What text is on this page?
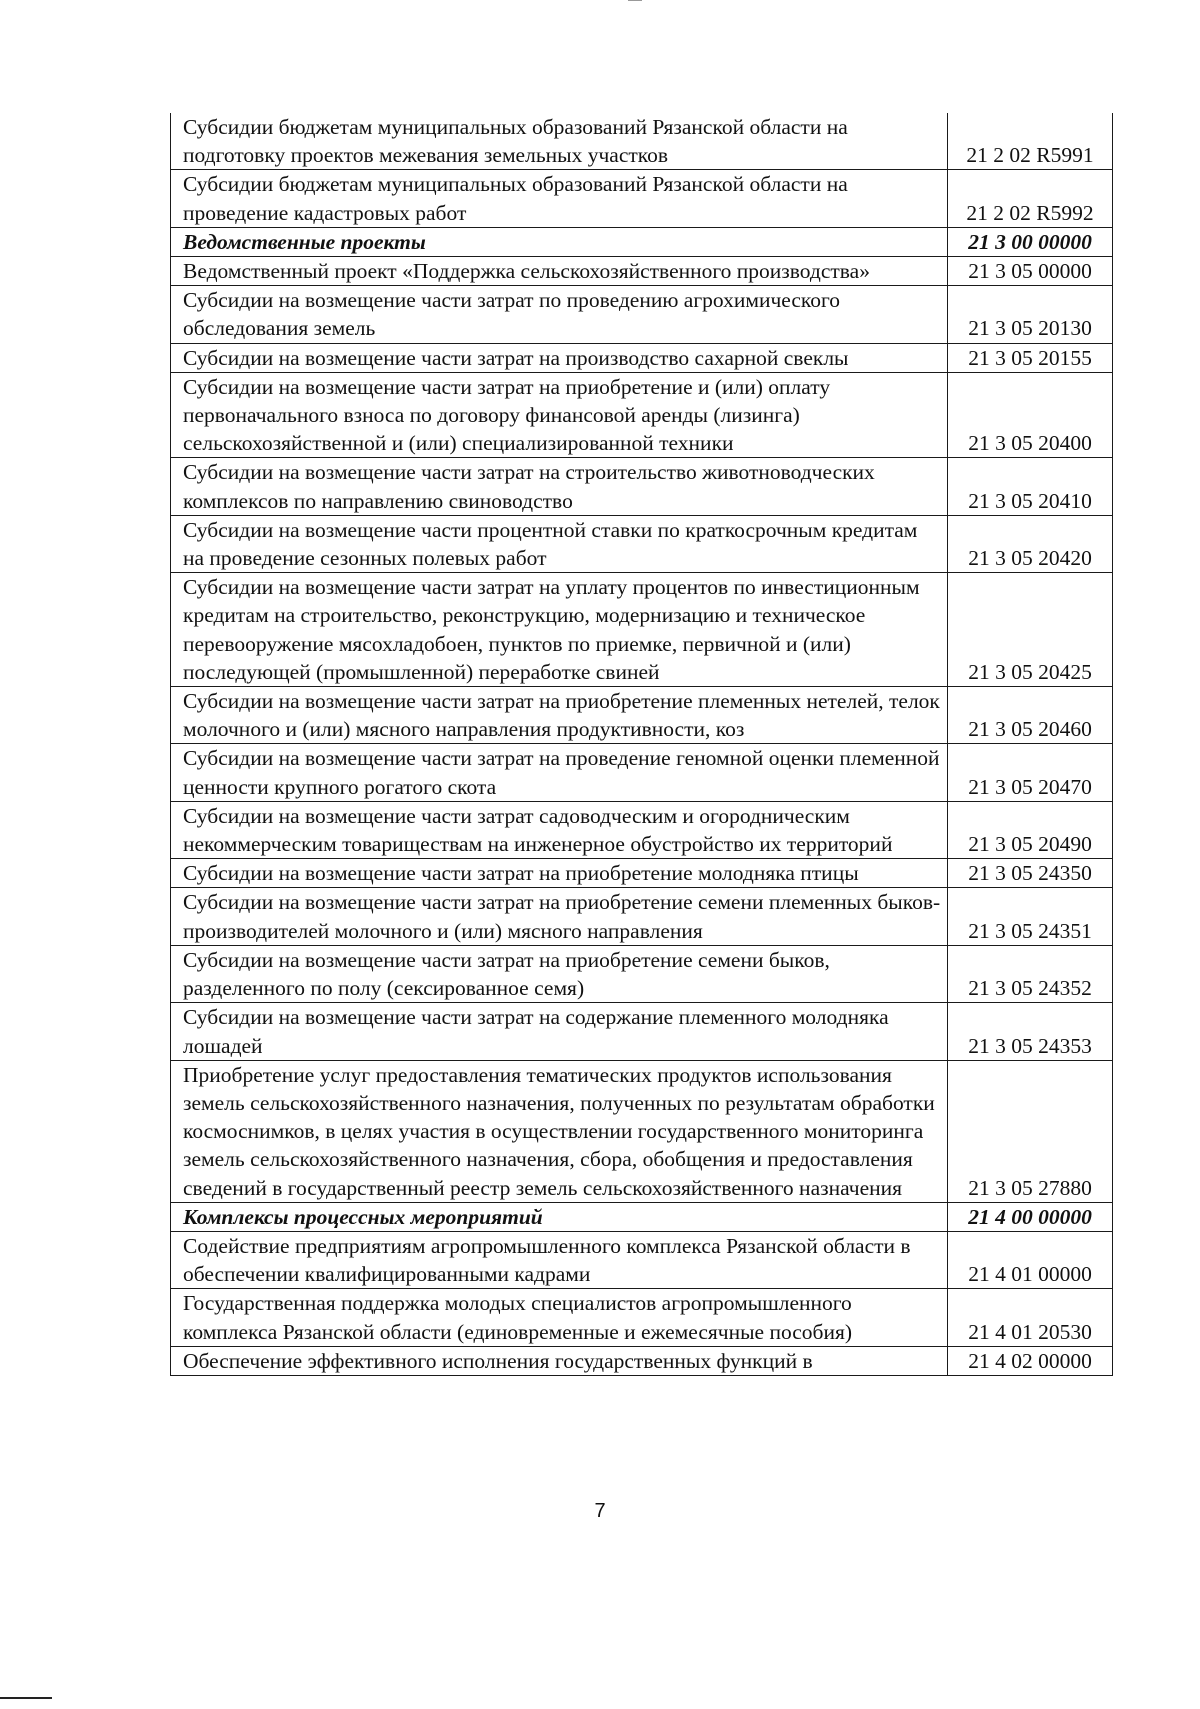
Субсидии бюджетам муниципальных образований Рязанской области на подготовку проектов межевания земельных участков	21 2 02 R5991
Субсидии бюджетам муниципальных образований Рязанской области на проведение кадастровых работ	21 2 02 R5992
Ведомственные проекты	21 3 00 00000
Ведомственный проект «Поддержка сельскохозяйственного производства»	21 3 05 00000
Субсидии на возмещение части затрат по проведению агрохимического обследования земель	21 3 05 20130
Субсидии на возмещение части затрат на производство сахарной свеклы	21 3 05 20155
Субсидии на возмещение части затрат на приобретение и (или) оплату первоначального взноса по договору финансовой аренды (лизинга) сельскохозяйственной и (или) специализированной техники	21 3 05 20400
Субсидии на возмещение части затрат на строительство животноводческих комплексов по направлению свиноводство	21 3 05 20410
Субсидии на возмещение части процентной ставки по краткосрочным кредитам на проведение сезонных полевых работ	21 3 05 20420
Субсидии на возмещение части затрат на уплату процентов по инвестиционным кредитам на строительство, реконструкцию, модернизацию и техническое перевооружение мясохладобоен, пунктов по приемке, первичной и (или) последующей (промышленной) переработке свиней	21 3 05 20425
Субсидии на возмещение части затрат на приобретение племенных нетелей, телок молочного и (или) мясного направления продуктивности, коз	21 3 05 20460
Субсидии на возмещение части затрат на проведение геномной оценки племенной ценности крупного рогатого скота	21 3 05 20470
Субсидии на возмещение части затрат садоводческим и огородническим некоммерческим товариществам на инженерное обустройство их территорий	21 3 05 20490
Субсидии на возмещение части затрат на приобретение молодняка птицы	21 3 05 24350
Субсидии на возмещение части затрат на приобретение семени племенных быков-производителей молочного и (или) мясного направления	21 3 05 24351
Субсидии на возмещение части затрат на приобретение семени быков, разделенного по полу (сексированное семя)	21 3 05 24352
Субсидии на возмещение части затрат на содержание племенного молодняка лошадей	21 3 05 24353
Приобретение услуг предоставления тематических продуктов использования земель сельскохозяйственного назначения, полученных по результатам обработки космоснимков, в целях участия в осуществлении государственного мониторинга земель сельскохозяйственного назначения, сбора, обобщения и предоставления сведений в государственный реестр земель сельскохозяйственного назначения	21 3 05 27880
Комплексы процессных мероприятий	21 4 00 00000
Содействие предприятиям агропромышленного комплекса Рязанской области в обеспечении квалифицированными кадрами	21 4 01 00000
Государственная поддержка молодых специалистов агропромышленного комплекса Рязанской области (единовременные и ежемесячные пособия)	21 4 01 20530
Обеспечение эффективного исполнения государственных функций в	21 4 02 00000
7
